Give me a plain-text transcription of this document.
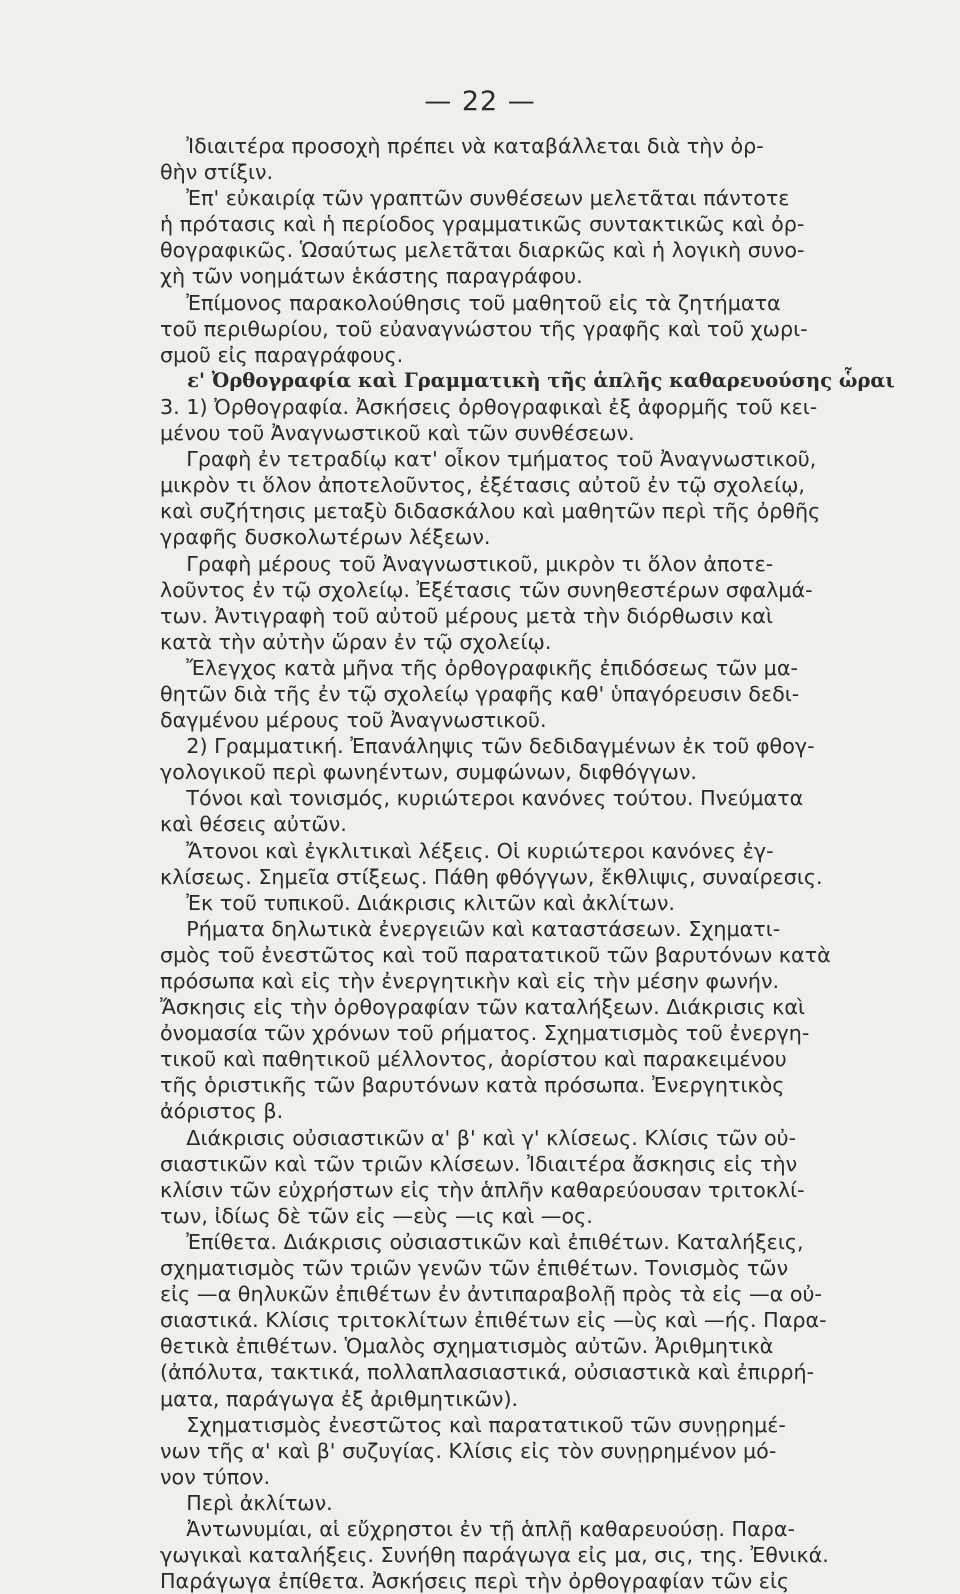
— 22 —
Ἰδιαιτέρα προσοχὴ πρέπει νὰ καταβάλλεται διὰ τὴν ὀρ-
θὴν στίξιν.
Ἐπ' εὐκαιρίᾳ τῶν γραπτῶν συνθέσεων μελετᾶται πάντοτε
ἡ πρότασις καὶ ἡ περίοδος γραμματικῶς συντακτικῶς καὶ ὀρ-
θογραφικῶς. Ὡσαύτως μελετᾶται διαρκῶς καὶ ἡ λογικὴ συνο-
χὴ τῶν νοημάτων ἑκάστης παραγράφου.
Ἐπίμονος παρακολούθησις τοῦ μαθητοῦ εἰς τὰ ζητήματα
τοῦ περιθωρίου, τοῦ εὐαναγνώστου τῆς γραφῆς καὶ τοῦ χωρι-
σμοῦ εἰς παραγράφους.
ε' Ὀρθογραφία καὶ Γραμματικὴ τῆς ἁπλῆς καθαρευούσης ὧραι
3. 1) Ὀρθογραφία. Ἀσκήσεις ὀρθογραφικαὶ ἐξ ἀφορμῆς τοῦ κει-
μένου τοῦ Ἀναγνωστικοῦ καὶ τῶν συνθέσεων.
Γραφὴ ἐν τετραδίῳ κατ' οἶκον τμήματος τοῦ Ἀναγνωστικοῦ,
μικρὸν τι ὅλον ἀποτελοῦντος, ἐξέτασις αὐτοῦ ἐν τῷ σχολείῳ,
καὶ συζήτησις μεταξὺ διδασκάλου καὶ μαθητῶν περὶ τῆς ὀρθῆς
γραφῆς δυσκολωτέρων λέξεων.
Γραφὴ μέρους τοῦ Ἀναγνωστικοῦ, μικρὸν τι ὅλον ἀποτε-
λοῦντος ἐν τῷ σχολείῳ. Ἐξέτασις τῶν συνηθεστέρων σφαλμά-
των. Ἀντιγραφὴ τοῦ αὐτοῦ μέρους μετὰ τὴν διόρθωσιν καὶ
κατὰ τὴν αὐτὴν ὥραν ἐν τῷ σχολείῳ.
Ἔλεγχος κατὰ μῆνα τῆς ὀρθογραφικῆς ἐπιδόσεως τῶν μα-
θητῶν διὰ τῆς ἐν τῷ σχολείῳ γραφῆς καθ' ὑπαγόρευσιν δεδι-
δαγμένου μέρους τοῦ Ἀναγνωστικοῦ.
2) Γραμματική. Ἐπανάληψις τῶν δεδιδαγμένων ἐκ τοῦ φθογ-
γολογικοῦ περὶ φωνηέντων, συμφώνων, διφθόγγων.
Τόνοι καὶ τονισμός, κυριώτεροι κανόνες τούτου. Πνεύματα
καὶ θέσεις αὐτῶν.
Ἄτονοι καὶ ἐγκλιτικαὶ λέξεις. Οἱ κυριώτεροι κανόνες ἐγ-
κλίσεως. Σημεῖα στίξεως. Πάθη φθόγγων, ἔκθλιψις, συναίρεσις.
Ἐκ τοῦ τυπικοῦ. Διάκρισις κλιτῶν καὶ ἀκλίτων.
Ρήματα δηλωτικὰ ἐνεργειῶν καὶ καταστάσεων. Σχηματι-
σμὸς τοῦ ἐνεστῶτος καὶ τοῦ παρατατικοῦ τῶν βαρυτόνων κατὰ
πρόσωπα καὶ εἰς τὴν ἐνεργητικὴν καὶ εἰς τὴν μέσην φωνήν.
Ἄσκησις εἰς τὴν ὀρθογραφίαν τῶν καταλήξεων. Διάκρισις καὶ
ὀνομασία τῶν χρόνων τοῦ ρήματος. Σχηματισμὸς τοῦ ἐνεργη-
τικοῦ καὶ παθητικοῦ μέλλοντος, ἀορίστου καὶ παρακειμένου
τῆς ὁριστικῆς τῶν βαρυτόνων κατὰ πρόσωπα. Ἐνεργητικὸς
ἀόριστος β.
Διάκρισις οὐσιαστικῶν α' β' καὶ γ' κλίσεως. Κλίσις τῶν οὐ-
σιαστικῶν καὶ τῶν τριῶν κλίσεων. Ἰδιαιτέρα ἄσκησις εἰς τὴν
κλίσιν τῶν εὐχρήστων εἰς τὴν ἁπλῆν καθαρεύουσαν τριτοκλί-
των, ἰδίως δὲ τῶν εἰς —εὺς —ις καὶ —ος.
Ἐπίθετα. Διάκρισις οὐσιαστικῶν καὶ ἐπιθέτων. Καταλήξεις,
σχηματισμὸς τῶν τριῶν γενῶν τῶν ἐπιθέτων. Τονισμὸς τῶν
εἰς —α θηλυκῶν ἐπιθέτων ἐν ἀντιπαραβολῇ πρὸς τὰ εἰς —α οὐ-
σιαστικά. Κλίσις τριτοκλίτων ἐπιθέτων εἰς —ὺς καὶ —ής. Παρα-
θετικὰ ἐπιθέτων. Ὁμαλὸς σχηματισμὸς αὐτῶν. Ἀριθμητικὰ
(ἀπόλυτα, τακτικά, πολλαπλασιαστικά, οὐσιαστικὰ καὶ ἐπιρρή-
ματα, παράγωγα ἐξ ἀριθμητικῶν).
Σχηματισμὸς ἐνεστῶτος καὶ παρατατικοῦ τῶν συνῃρημέ-
νων τῆς α' καὶ β' συζυγίας. Κλίσις εἰς τὸν συνῃρημένον μό-
νον τύπον.
Περὶ ἀκλίτων.
Ἀντωνυμίαι, αἱ εὔχρηστοι ἐν τῇ ἁπλῇ καθαρευούσῃ. Παρα-
γωγικαὶ καταλήξεις. Συνήθη παράγωγα εἰς μα, σις, της. Ἐθνικά.
Παράγωγα ἐπίθετα. Ἀσκήσεις περὶ τὴν ὀρθογραφίαν τῶν εἰς
